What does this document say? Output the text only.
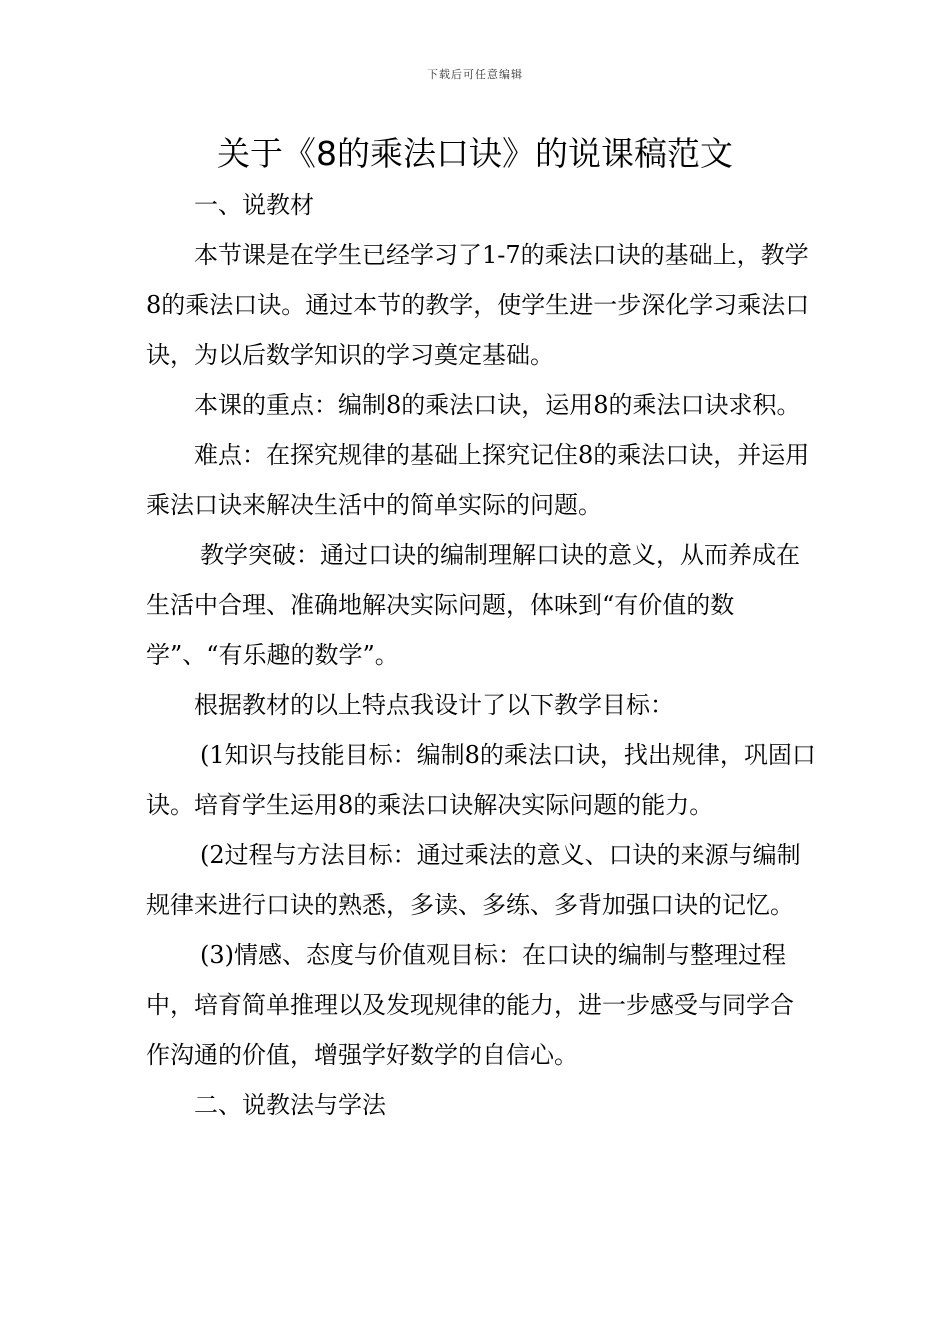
下载后可任意编辑
关于《8的乘法口诀》的说课稿范文

一、说教材

本节课是在学生已经学习了1-7的乘法口诀的基础上，教学8的乘法口诀。通过本节的教学，使学生进一步深化学习乘法口诀，为以后数学知识的学习奠定基础。

本课的重点：编制8的乘法口诀，运用8的乘法口诀求积。

难点：在探究规律的基础上探究记住8的乘法口诀，并运用乘法口诀来解决生活中的简单实际的问题。

教学突破：通过口诀的编制理解口诀的意义，从而养成在生活中合理、准确地解决实际问题，体味到“有价值的数学”、“有乐趣的数学”。

根据教材的以上特点我设计了以下教学目标：

(1知识与技能目标：编制8的乘法口诀，找出规律，巩固口诀。培育学生运用8的乘法口诀解决实际问题的能力。

(2过程与方法目标：通过乘法的意义、口诀的来源与编制规律来进行口诀的熟悉，多读、多练、多背加强口诀的记忆。

(3)情感、态度与价值观目标：在口诀的编制与整理过程中，培育简单推理以及发现规律的能力，进一步感受与同学合作沟通的价值，增强学好数学的自信心。

二、说教法与学法
